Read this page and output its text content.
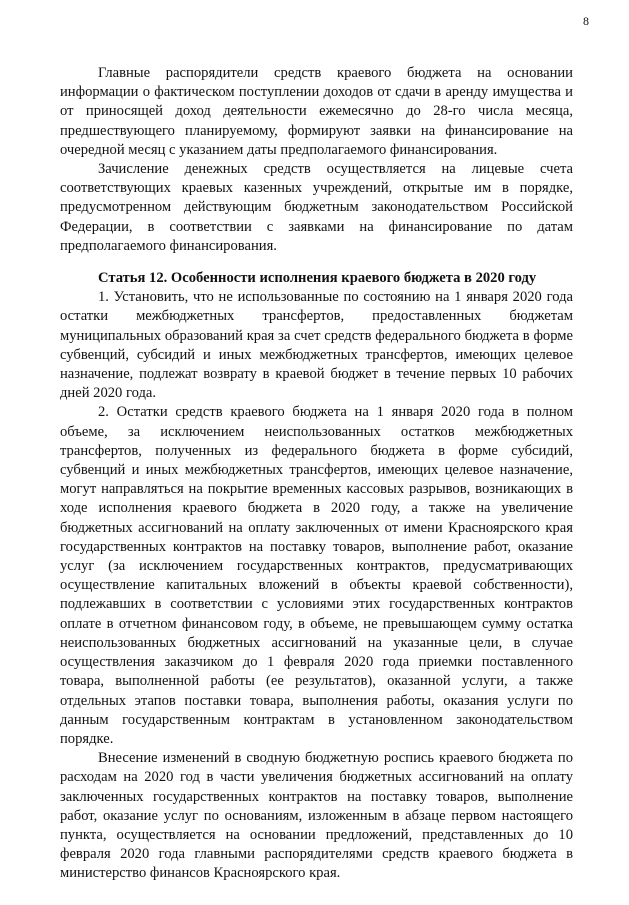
8

Главные распорядители средств краевого бюджета на основании информации о фактическом поступлении доходов от сдачи в аренду имущества и от приносящей доход деятельности ежемесячно до 28-го числа месяца, предшествующего планируемому, формируют заявки на финансирование на очередной месяц с указанием даты предполагаемого финансирования.

Зачисление денежных средств осуществляется на лицевые счета соответствующих краевых казенных учреждений, открытые им в порядке, предусмотренном действующим бюджетным законодательством Российской Федерации, в соответствии с заявками на финансирование по датам предполагаемого финансирования.

Статья 12. Особенности исполнения краевого бюджета в 2020 году

1. Установить, что не использованные по состоянию на 1 января 2020 года остатки межбюджетных трансфертов, предоставленных бюджетам муниципальных образований края за счет средств федерального бюджета в форме субвенций, субсидий и иных межбюджетных трансфертов, имеющих целевое назначение, подлежат возврату в краевой бюджет в течение первых 10 рабочих дней 2020 года.

2. Остатки средств краевого бюджета на 1 января 2020 года в полном объеме, за исключением неиспользованных остатков межбюджетных трансфертов, полученных из федерального бюджета в форме субсидий, субвенций и иных межбюджетных трансфертов, имеющих целевое назначение, могут направляться на покрытие временных кассовых разрывов, возникающих в ходе исполнения краевого бюджета в 2020 году, а также на увеличение бюджетных ассигнований на оплату заключенных от имени Красноярского края государственных контрактов на поставку товаров, выполнение работ, оказание услуг (за исключением государственных контрактов, предусматривающих осуществление капитальных вложений в объекты краевой собственности), подлежавших в соответствии с условиями этих государственных контрактов оплате в отчетном финансовом году, в объеме, не превышающем сумму остатка неиспользованных бюджетных ассигнований на указанные цели, в случае осуществления заказчиком до 1 февраля 2020 года приемки поставленного товара, выполненной работы (ее результатов), оказанной услуги, а также отдельных этапов поставки товара, выполнения работы, оказания услуги по данным государственным контрактам в установленном законодательством порядке.

Внесение изменений в сводную бюджетную роспись краевого бюджета по расходам на 2020 год в части увеличения бюджетных ассигнований на оплату заключенных государственных контрактов на поставку товаров, выполнение работ, оказание услуг по основаниям, изложенным в абзаце первом настоящего пункта, осуществляется на основании предложений, представленных до 10 февраля 2020 года главными распорядителями средств краевого бюджета в министерство финансов Красноярского края.
